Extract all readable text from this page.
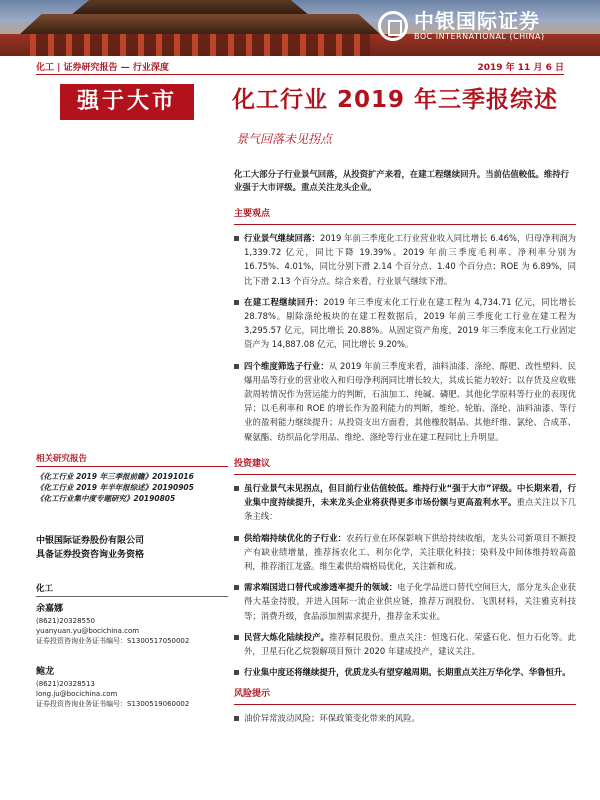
中银国际证券
BOC INTERNATIONAL (CHINA)
化工 | 证券研究报告 — 行业深度	2019 年 11 月 6 日
强于大市	化工行业 2019 年三季报综述
景气回落未见拐点
相关研究报告
《化工行业 2019 年三季报前瞻》20191016
《化工行业 2019 年半年报综述》20190905
《化工行业集中度专题研究》20190805
中银国际证券股份有限公司
具备证券投资咨询业务资格
化工
余嘉娜
(8621)20328550
yuanyuan.yu@bocichina.com
证券投资咨询业务证书编号：S1300517050002
鲍龙
(8621)20328513
long.ju@bocichina.com
证券投资咨询业务证书编号：S1300519060002
化工大部分子行业景气回落，从投资扩产来看，在建工程继续回升。当前估值較低。维持行业强于大市评级。重点关注龙头企业。
主要观点
行业景气继续回落：2019 年前三季度化工行业营业收入同比增长 6.46%，归母净利润为 1,339.72 亿元，同比下降 19.39%。2019 年前三季度毛利率、净利率分别为 16.75%、4.01%，同比分别下滑 2.14 个百分点、1.40 个百分点；ROE 为 6.89%，同比下滑 2.13 个百分点。综合来看，行业景气继续下滑。
在建工程继续回升：2019 年三季度末化工行业在建工程为 4,734.71 亿元，同比增长 28.78%。剔除涤纶板块的在建工程数据后，2019 年前三季度化工行业在建工程为 3,295.57 亿元，同比增长 20.88%。从固定资产角度，2019 年三季度末化工行业固定资产为 14,887.08 亿元，同比增长 9.20%。
四个维度筛选子行业：从 2019 年前三季度来看，油料油漆、涤纶、醇肥、改性塑料、民爆用品等行业的营业收入和归母净利润同比增长较大，其成长能力较好；以存货及应收账款周转情况作为营运能力的判断，石油加工、纯碱、磷肥、其他化学原料等行业的表现优异；以毛利率和 ROE 的增长作为盈利能力的判断，维纶、轮胎、涤纶、油料油漆、等行业的盈利能力继续提升；从投资支出方面看，其他橡胶制品、其他纤维、氯纶、合成革、聚氨酯、纺织品化学用品、维纶、涤纶等行业在建工程同比上升明显。
投资建议
虽行业景气未见拐点，但目前行业估值较低。维持行业“强于大市”评级。中长期来看，行业集中度持续提升，未来龙头企业将获得更多市场份额与更高盈利水平。重点关注以下几条主线：
供给端持续优化的子行业：农药行业在环保影响下供给持续收缩，龙头公司新项目不断投产有缺业绩增量，推荐扬农化工、利尔化学，关注联化科技；染料及中间体维持较高盈利，推荐浙江龙盛。维生素供给端格局优化，关注新和成。
需求端国进口替代或渗透率提升的领域：电子化学品进口替代空间巨大，部分龙头企业获得大基金持股，并进入国际一流企业供应链，推荐万润股份、飞凯材料，关注雅克科技等；消费升级，食品添加剂需求提升，推荐金禾实业。
民营大炼化陆续投产。推荐桐昆股份。重点关注：恒逸石化、荣盛石化、恒力石化等。此外，卫星石化乙烷裂解项目预计 2020 年建成投产，建议关注。
行业集中度还将继续提升，优质龙头有望穿越周期。长期重点关注万华化学、华鲁恒升。
风险提示
油价异常波动风险；环保政策变化带来的风险。
